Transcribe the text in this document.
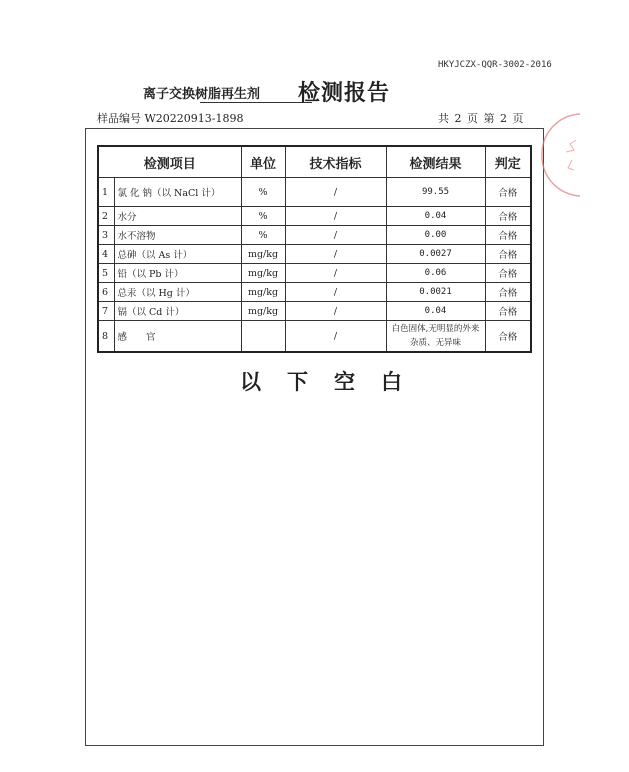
HKYJCZX-QQR-3002-2016
离子交换树脂再生剂 检测报告
样品编号 W20220913-1898	共 2 页 第 2 页
检测项目		单位	技术指标	检测结果	判定
1	氯 化 钠（以 NaCl 计）	%	/	99.55	合格
2	水分	%	/	0.04	合格
3	水不溶物	%	/	0.00	合格
4	总砷（以 As 计）	mg/kg	/	0.0027	合格
5	铅（以 Pb 计）	mg/kg	/	0.06	合格
6	总汞（以 Hg 计）	mg/kg	/	0.0021	合格
7	镉（以 Cd 计）	mg/kg	/	0.04	合格
8	感　　官		/	白色固体,无明显的外来杂质、无异味	合格
以下空白
